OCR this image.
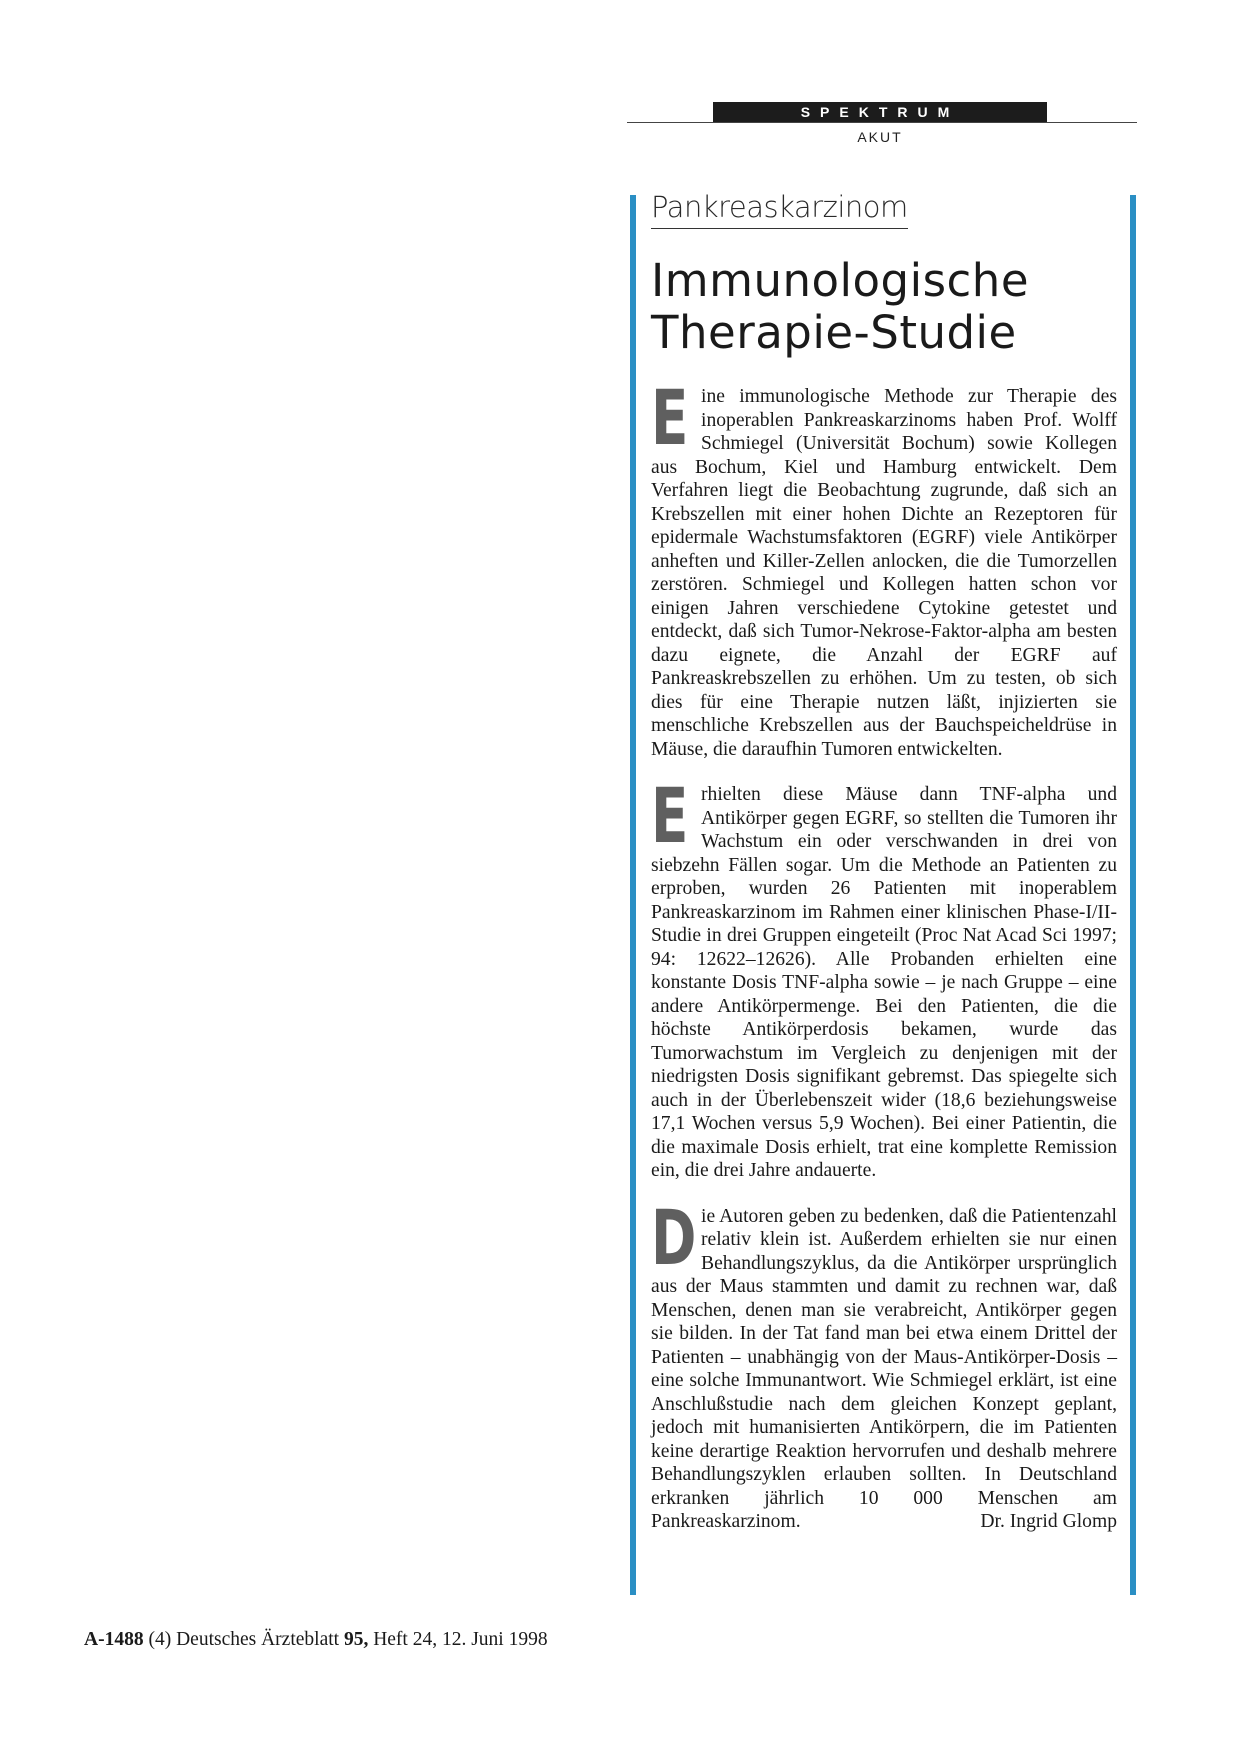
SPEKTRUM
AKUT
Pankreaskarzinom
Immunologische
Therapie-Studie

Eine immunologische Methode zur Therapie des inoperablen Pankreaskarzinoms haben Prof. Wolff Schmiegel (Universität Bochum) sowie Kollegen aus Bochum, Kiel und Hamburg entwickelt. Dem Verfahren liegt die Beobachtung zugrunde, daß sich an Krebszellen mit einer hohen Dichte an Rezeptoren für epidermale Wachstumsfaktoren (EGRF) viele Antikörper anheften und Killer-Zellen anlocken, die die Tumorzellen zerstören. Schmiegel und Kollegen hatten schon vor einigen Jahren verschiedene Cytokine getestet und entdeckt, daß sich Tumor-Nekrose-Faktor-alpha am besten dazu eignete, die Anzahl der EGRF auf Pankreaskrebszellen zu erhöhen. Um zu testen, ob sich dies für eine Therapie nutzen läßt, injizierten sie menschliche Krebszellen aus der Bauchspeicheldrüse in Mäuse, die daraufhin Tumoren entwickelten.

Erhielten diese Mäuse dann TNF-alpha und Antikörper gegen EGRF, so stellten die Tumoren ihr Wachstum ein oder verschwanden in drei von siebzehn Fällen sogar. Um die Methode an Patienten zu erproben, wurden 26 Patienten mit inoperablem Pankreaskarzinom im Rahmen einer klinischen Phase-I/II-Studie in drei Gruppen eingeteilt (Proc Nat Acad Sci 1997; 94: 12622–12626). Alle Probanden erhielten eine konstante Dosis TNF-alpha sowie – je nach Gruppe – eine andere Antikörpermenge. Bei den Patienten, die die höchste Antikörperdosis bekamen, wurde das Tumorwachstum im Vergleich zu denjenigen mit der niedrigsten Dosis signifikant gebremst. Das spiegelte sich auch in der Überlebenszeit wider (18,6 beziehungsweise 17,1 Wochen versus 5,9 Wochen). Bei einer Patientin, die die maximale Dosis erhielt, trat eine komplette Remission ein, die drei Jahre andauerte.

Die Autoren geben zu bedenken, daß die Patientenzahl relativ klein ist. Außerdem erhielten sie nur einen Behandlungszyklus, da die Antikörper ursprünglich aus der Maus stammten und damit zu rechnen war, daß Menschen, denen man sie verabreicht, Antikörper gegen sie bilden. In der Tat fand man bei etwa einem Drittel der Patienten – unabhängig von der Maus-Antikörper-Dosis – eine solche Immunantwort. Wie Schmiegel erklärt, ist eine Anschlußstudie nach dem gleichen Konzept geplant, jedoch mit humanisierten Antikörpern, die im Patienten keine derartige Reaktion hervorrufen und deshalb mehrere Behandlungszyklen erlauben sollten. In Deutschland erkranken jährlich 10 000 Menschen am Pankreaskarzinom.	Dr. Ingrid Glomp

A-1488 (4) Deutsches Ärzteblatt 95, Heft 24, 12. Juni 1998
